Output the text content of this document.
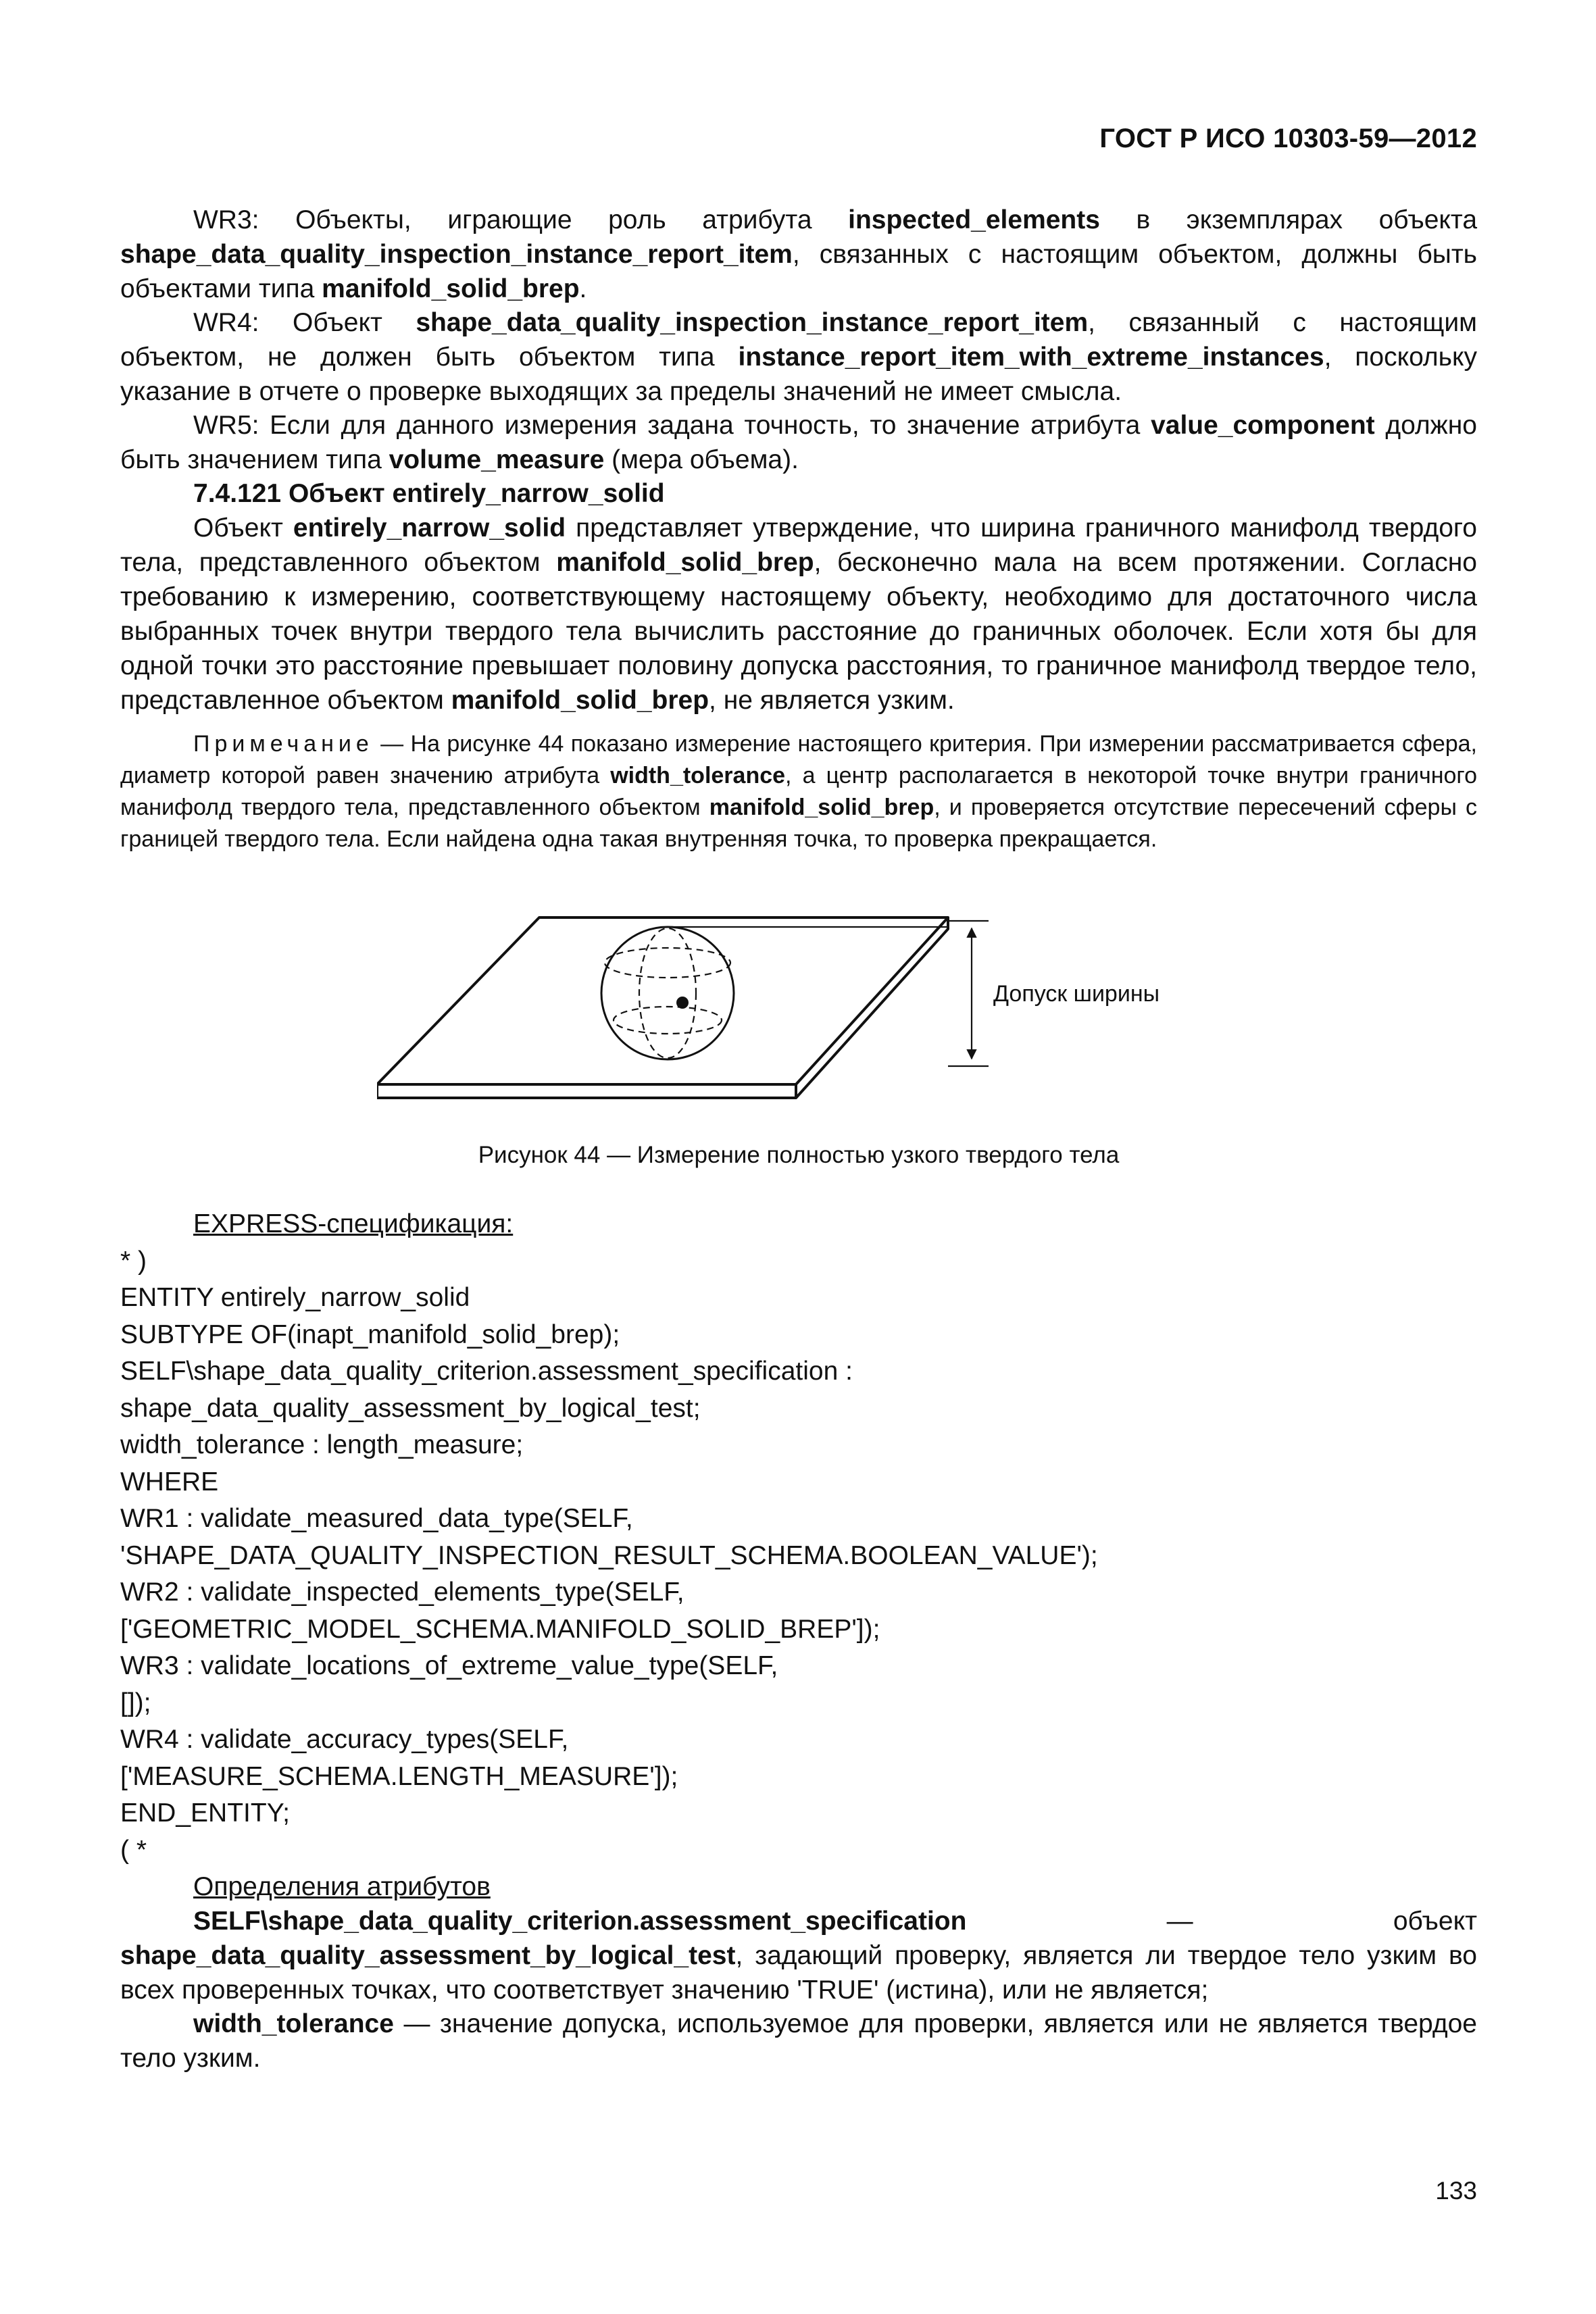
ГОСТ Р ИСО 10303-59—2012
WR3: Объекты, играющие роль атрибута inspected_elements в экземплярах объекта shape_data_quality_inspection_instance_report_item, связанных с настоящим объектом, должны быть объектами типа manifold_solid_brep.
WR4: Объект shape_data_quality_inspection_instance_report_item, связанный с настоящим объектом, не должен быть объектом типа instance_report_item_with_extreme_instances, поскольку указание в отчете о проверке выходящих за пределы значений не имеет смысла.
WR5: Если для данного измерения задана точность, то значение атрибута value_component должно быть значением типа volume_measure (мера объема).
7.4.121 Объект entirely_narrow_solid
Объект entirely_narrow_solid представляет утверждение, что ширина граничного манифолд твердого тела, представленного объектом manifold_solid_brep, бесконечно мала на всем протяжении. Согласно требованию к измерению, соответствующему настоящему объекту, необходимо для достаточного числа выбранных точек внутри твердого тела вычислить расстояние до граничных оболочек. Если хотя бы для одной точки это расстояние превышает половину допуска расстояния, то граничное манифолд твердое тело, представленное объектом manifold_solid_brep, не является узким.
Примечание — На рисунке 44 показано измерение настоящего критерия. При измерении рассматривается сфера, диаметр которой равен значению атрибута width_tolerance, а центр располагается в некоторой точке внутри граничного манифолд твердого тела, представленного объектом manifold_solid_brep, и проверяется отсутствие пересечений сферы с границей твердого тела. Если найдена одна такая внутренняя точка, то проверка прекращается.
Допуск ширины
Рисунок 44 — Измерение полностью узкого твердого тела
EXPRESS-спецификация:
* )
ENTITY entirely_narrow_solid
SUBTYPE OF(inapt_manifold_solid_brep);
SELF\shape_data_quality_criterion.assessment_specification :
shape_data_quality_assessment_by_logical_test;
width_tolerance : length_measure;
WHERE
WR1 : validate_measured_data_type(SELF,
'SHAPE_DATA_QUALITY_INSPECTION_RESULT_SCHEMA.BOOLEAN_VALUE');
WR2 : validate_inspected_elements_type(SELF,
['GEOMETRIC_MODEL_SCHEMA.MANIFOLD_SOLID_BREP']);
WR3 : validate_locations_of_extreme_value_type(SELF,
[]);
WR4 : validate_accuracy_types(SELF,
['MEASURE_SCHEMA.LENGTH_MEASURE']);
END_ENTITY;
( *
Определения атрибутов
SELF\shape_data_quality_criterion.assessment_specification — объект shape_data_quality_assessment_by_logical_test, задающий проверку, является ли твердое тело узким во всех проверенных точках, что соответствует значению 'TRUE' (истина), или не является;
width_tolerance — значение допуска, используемое для проверки, является или не является твердое тело узким.
133
